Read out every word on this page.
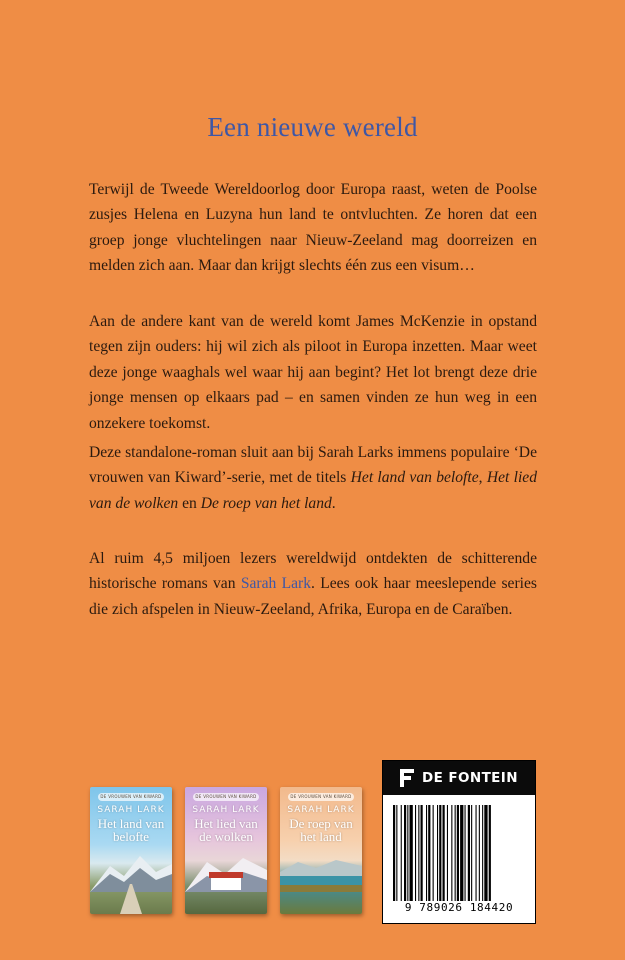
Een nieuwe wereld
Terwijl de Tweede Wereldoorlog door Europa raast, weten de Poolse zusjes Helena en Luzyna hun land te ontvluchten. Ze horen dat een groep jonge vluchtelingen naar Nieuw-Zeeland mag doorreizen en melden zich aan. Maar dan krijgt slechts één zus een visum…
Aan de andere kant van de wereld komt James McKenzie in opstand tegen zijn ouders: hij wil zich als piloot in Europa inzetten. Maar weet deze jonge waaghals wel waar hij aan begint? Het lot brengt deze drie jonge mensen op elkaars pad – en samen vinden ze hun weg in een onzekere toekomst.
Deze standalone-roman sluit aan bij Sarah Larks immens populaire ‘De vrouwen van Kiward’-serie, met de titels Het land van belofte, Het lied van de wolken en De roep van het land.
Al ruim 4,5 miljoen lezers wereldwijd ontdekten de schitterende historische romans van Sarah Lark. Lees ook haar meeslepende series die zich afspelen in Nieuw-Zeeland, Afrika, Europa en de Caraïben.
DE VROUWEN VAN KIWARD
SARAH LARK
Het land van
belofte
DE VROUWEN VAN KIWARD
SARAH LARK
Het lied van
de wolken
DE VROUWEN VAN KIWARD
SARAH LARK
De roep van
het land
DE FONTEIN
9 789026 184420
